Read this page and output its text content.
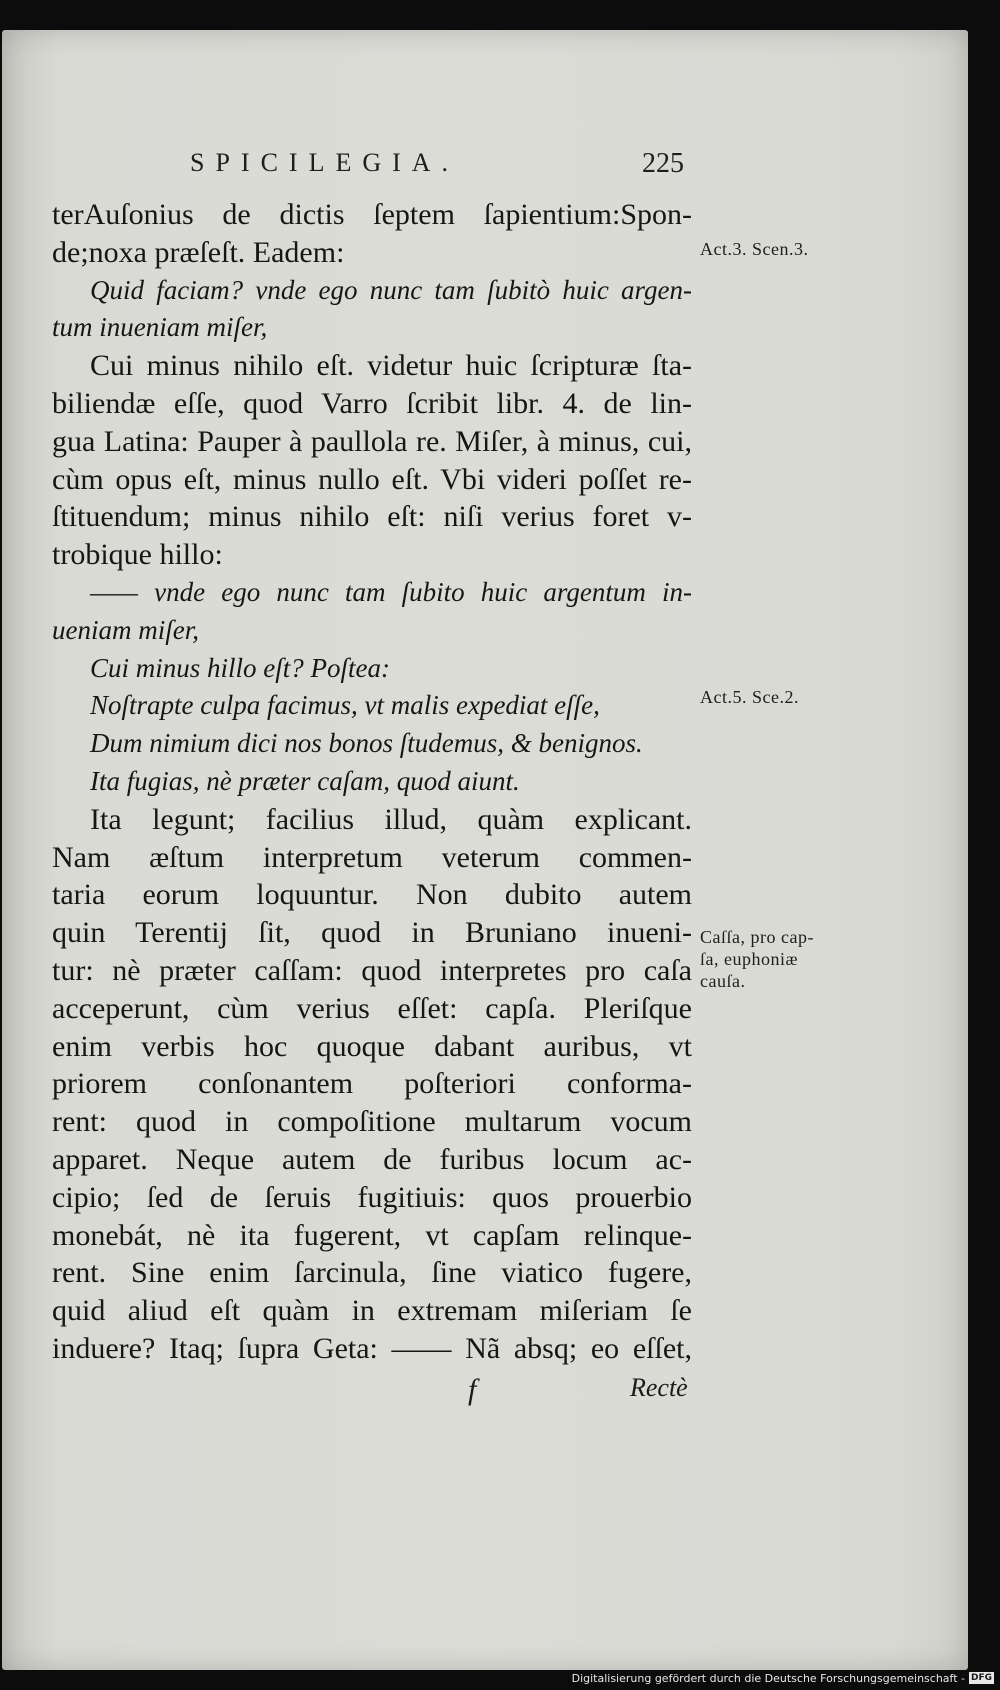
SPICILEGIA.	225
terAuſonius de dictis ſeptem ſapientium:Spon-
de;noxa præſeſt. Eadem:
Quid faciam? vnde ego nunc tam ſubitò huic argen-
tum inueniam miſer,
Cui minus nihilo eſt. videtur huic ſcripturæ ſta-
biliendæ eſſe, quod Varro ſcribit libr. 4. de lin-
gua Latina: Pauper à paullola re. Miſer, à minus, cui,
cùm opus eſt, minus nullo eſt. Vbi videri poſſet re-
ſtituendum; minus nihilo eſt: niſi verius foret v-
trobique hillo:
—— vnde ego nunc tam ſubito huic argentum in-
ueniam miſer,
Cui minus hillo eſt? Poſtea:
Noſtrapte culpa facimus, vt malis expediat eſſe,
Dum nimium dici nos bonos ſtudemus, & benignos.
Ita fugias, nè præter caſam, quod aiunt.
Ita legunt; facilius illud, quàm explicant.
Nam æſtum interpretum veterum commen-
taria eorum loquuntur. Non dubito autem
quin Terentij ſit, quod in Bruniano inueni-
tur: nè præter caſſam: quod interpretes pro caſa
acceperunt, cùm verius eſſet: capſa. Pleriſque
enim verbis hoc quoque dabant auribus, vt
priorem conſonantem poſteriori conforma-
rent: quod in compoſitione multarum vocum
apparet. Neque autem de furibus locum ac-
cipio; ſed de ſeruis fugitiuis: quos prouerbio
monebát, nè ita fugerent, vt capſam relinque-
rent. Sine enim ſarcinula, ſine viatico fugere,
quid aliud eſt quàm in extremam miſeriam ſe
induere? Itaq; ſupra Geta: —— Nã absq; eo eſſet,
Act.3. Scen.3.
Act.5. Sce.2.
Caſſa, pro cap-
ſa, euphoniæ
cauſa.
f	Rectè
Digitalisierung gefördert durch die Deutsche Forschungsgemeinschaft - DFG
